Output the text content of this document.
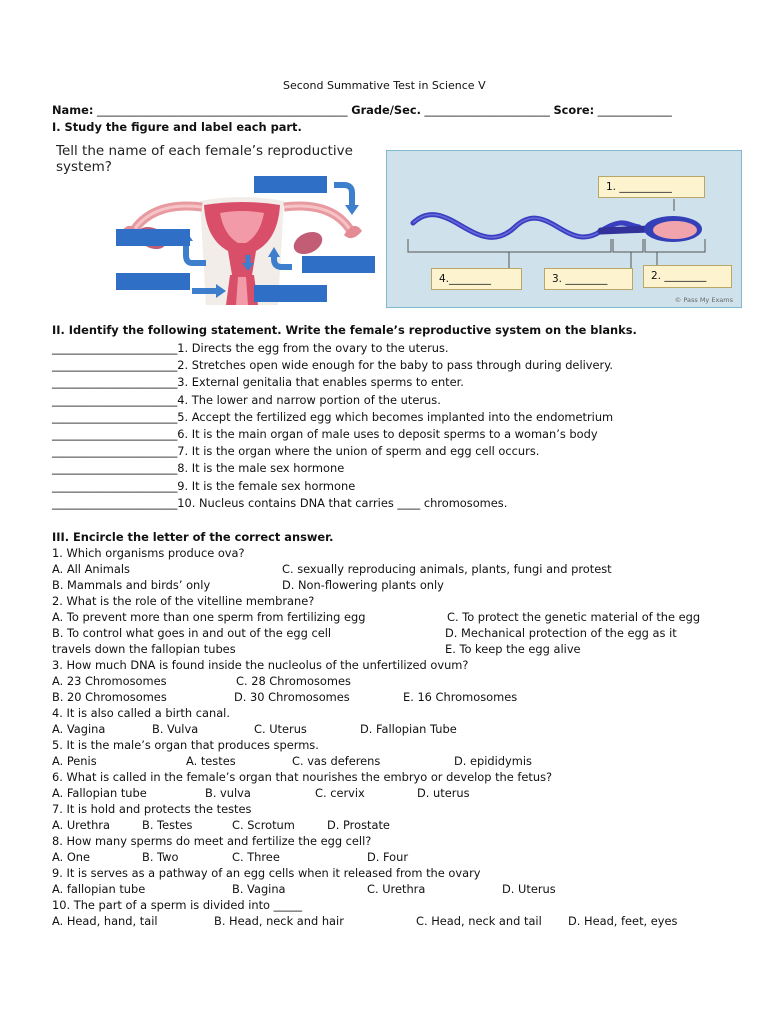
Second Summative Test in Science V
Name: ____________________________________________ Grade/Sec. ______________________ Score: _____________
I. Study the figure and label each part.
Tell the name of each female’s reproductive system?
1. __________
2. ________
3. ________
4.________
© Pass My Exams
II. Identify the following statement. Write the female’s reproductive system on the blanks.
______________________1. Directs the egg from the ovary to the uterus.
______________________2. Stretches open wide enough for the baby to pass through during delivery.
______________________3. External genitalia that enables sperms to enter.
______________________4. The lower and narrow portion of the uterus.
______________________5. Accept the fertilized egg which becomes implanted into the endometrium
______________________6. It is the main organ of male uses to deposit sperms to a woman’s body
______________________7. It is the organ where the union of sperm and egg cell occurs.
______________________8. It is the male sex hormone
______________________9. It is the female sex hormone
______________________10. Nucleus contains DNA that carries ____ chromosomes.
III. Encircle the letter of the correct answer.
1. Which organisms produce ova?
A. All Animals	C. sexually reproducing animals, plants, fungi and protest
B. Mammals and birds’ only	D. Non-flowering plants only
2. What is the role of the vitelline membrane?
A. To prevent more than one sperm from fertilizing egg	C. To protect the genetic material of the egg
B. To control what goes in and out of the egg cell	D. Mechanical protection of the egg as it
travels down the fallopian tubes	E. To keep the egg alive
3. How much DNA is found inside the nucleolus of the unfertilized ovum?
A. 23 Chromosomes	C. 28 Chromosomes
B. 20 Chromosomes	D. 30 Chromosomes	E. 16 Chromosomes
4. It is also called a birth canal.
A. Vagina	B. Vulva	C. Uterus	D. Fallopian Tube
5. It is the male’s organ that produces sperms.
A. Penis	A. testes	C. vas deferens	D. epididymis
6. What is called in the female’s organ that nourishes the embryo or develop the fetus?
A. Fallopian tube	B. vulva	C. cervix	D. uterus
7. It is hold and protects the testes
A. Urethra	B. Testes	C. Scrotum	D. Prostate
8. How many sperms do meet and fertilize the egg cell?
A. One	B. Two	C. Three	D. Four
9. It is serves as a pathway of an egg cells when it released from the ovary
A. fallopian tube	B. Vagina	C. Urethra	D. Uterus
10. The part of a sperm is divided into _____
A. Head, hand, tail	B. Head, neck and hair	C. Head, neck and tail D. Head, feet, eyes
